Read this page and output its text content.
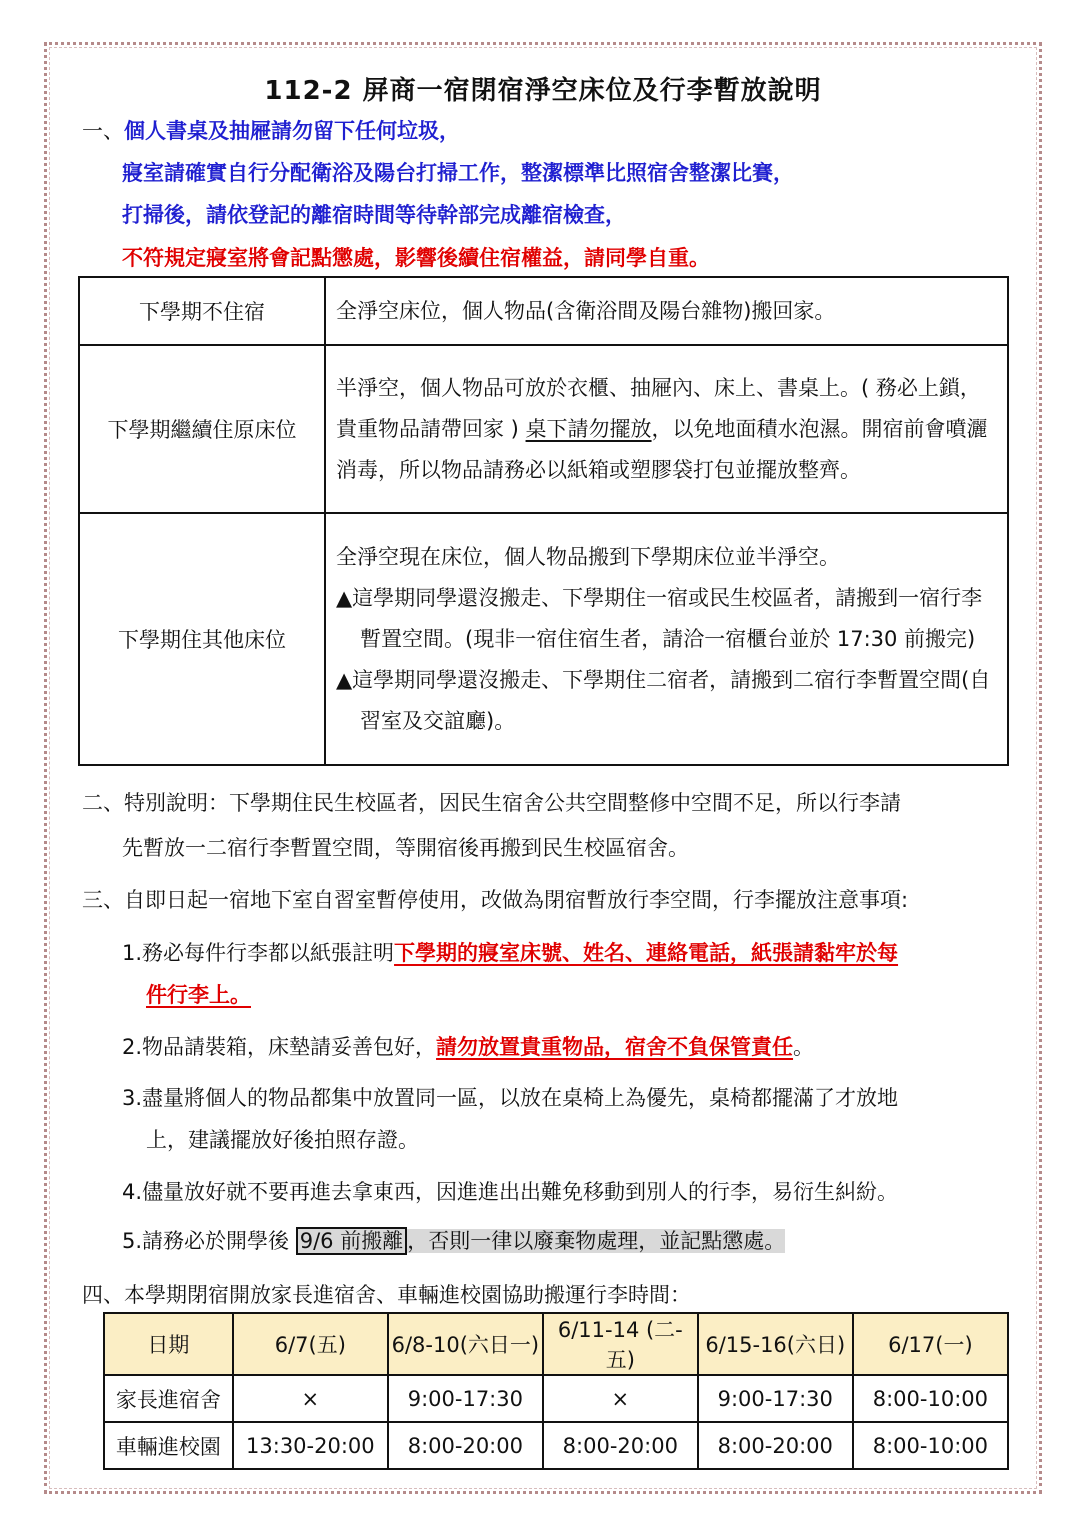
112-2 屏商一宿閉宿淨空床位及行李暫放說明
一、個人書桌及抽屜請勿留下任何垃圾，
寢室請確實自行分配衛浴及陽台打掃工作，整潔標準比照宿舍整潔比賽，
打掃後，請依登記的離宿時間等待幹部完成離宿檢查，
不符規定寢室將會記點懲處，影響後續住宿權益，請同學自重。
下學期不住宿	全淨空床位，個人物品(含衛浴間及陽台雜物)搬回家。
下學期繼續住原床位	半淨空，個人物品可放於衣櫃、抽屜內、床上、書桌上。( 務必上鎖，貴重物品請帶回家 ) 桌下請勿擺放，以免地面積水泡濕。開宿前會噴灑消毒，所以物品請務必以紙箱或塑膠袋打包並擺放整齊。
下學期住其他床位	全淨空現在床位，個人物品搬到下學期床位並半淨空。
▲這學期同學還沒搬走、下學期住一宿或民生校區者，請搬到一宿行李暫置空間。(現非一宿住宿生者，請洽一宿櫃台並於 17:30 前搬完)
▲這學期同學還沒搬走、下學期住二宿者，請搬到二宿行李暫置空間(自習室及交誼廳)。
二、特別說明：下學期住民生校區者，因民生宿舍公共空間整修中空間不足，所以行李請
先暫放一二宿行李暫置空間，等開宿後再搬到民生校區宿舍。
三、自即日起一宿地下室自習室暫停使用，改做為閉宿暫放行李空間，行李擺放注意事項:
1.務必每件行李都以紙張註明下學期的寢室床號、姓名、連絡電話，紙張請黏牢於每
件行李上。
2.物品請裝箱，床墊請妥善包好，請勿放置貴重物品，宿舍不負保管責任。
3.盡量將個人的物品都集中放置同一區，以放在桌椅上為優先，桌椅都擺滿了才放地
上，建議擺放好後拍照存證。
4.儘量放好就不要再進去拿東西，因進進出出難免移動到別人的行李，易衍生糾紛。
5.請務必於開學後 9/6 前搬離 ，否則一律以廢棄物處理，並記點懲處。
四、本學期閉宿開放家長進宿舍、車輛進校園協助搬運行李時間：
日期	6/7(五)	6/8-10(六日一)	6/11-14 (二-五)	6/15-16(六日)	6/17(一)
家長進宿舍	×	9:00-17:30	×	9:00-17:30	8:00-10:00
車輛進校園	13:30-20:00	8:00-20:00	8:00-20:00	8:00-20:00	8:00-10:00
